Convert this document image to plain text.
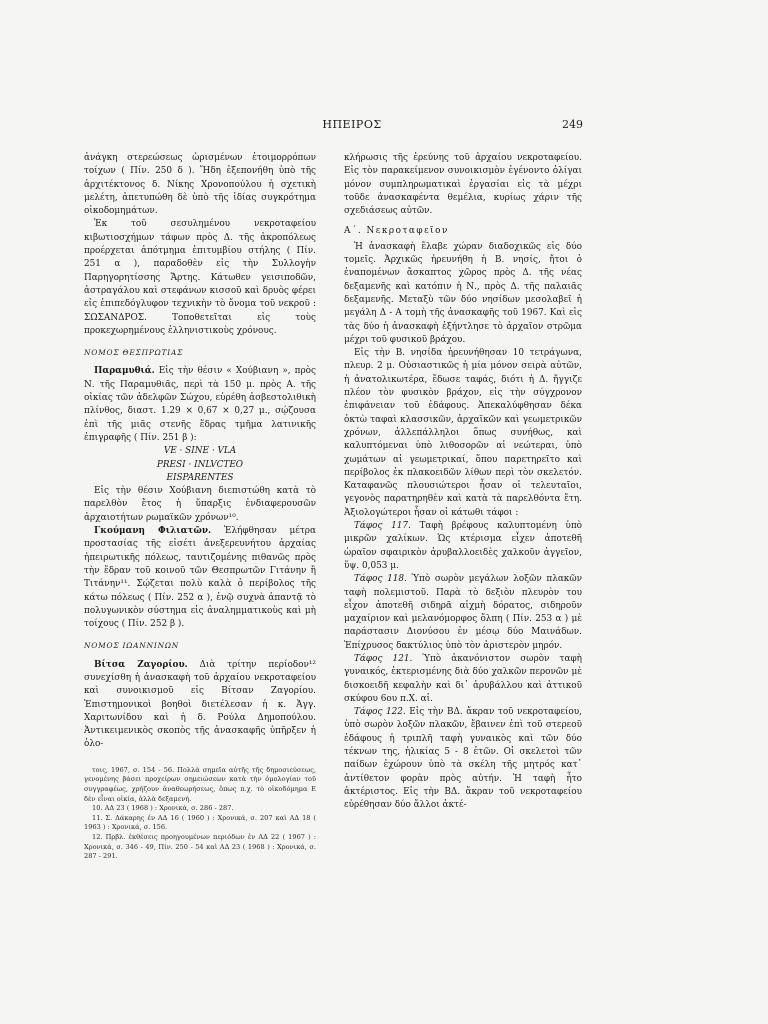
ΗΠΕΙΡΟΣ	249

ἀνάγκη στερεώσεως ὡρισμένων ἑτοιμορρόπων τοίχων ( Πίν. 250 δ ). Ἤδη ἐξεπονήθη ὑπὸ τῆς ἀρχιτέκτονος δ. Νίκης Χρονοπούλου ἡ σχετικὴ μελέτη, ἀπετυπώθη δὲ ὑπὸ τῆς ἰδίας συγκρότημα οἰκοδομημάτων.

Ἐκ τοῦ σεσυλημένου νεκροταφείου κιβωτιοσχήμων τάφων πρὸς Δ. τῆς ἀκροπόλεως προέρχεται ἀπότμημα ἐπιτυμβίου στήλης ( Πίν. 251 α ), παραδοθὲν εἰς τὴν Συλλογὴν Παρηγορητίσσης Ἄρτης. Κάτωθεν γεισιποδῶν, ἀστραγάλου καὶ στεφάνων κισσοῦ καὶ δρυὸς φέρει εἰς ἐπιπεδόγλυφον τεχνικὴν τὸ ὄνομα τοῦ νεκροῦ : ΣΩΣΑΝΔΡΟΣ. Τοποθετεῖται εἰς τοὺς προκεχωρημένους ἑλληνιστικοὺς χρόνους.

ΝΟΜΟΣ ΘΕΣΠΡΩΤΙΑΣ

Παραμυθιά. Εἰς τὴν θέσιν « Χούβιανη », πρὸς Ν. τῆς Παραμυθιᾶς, περὶ τὰ 150 μ. πρὸς Α. τῆς οἰκίας τῶν ἀδελφῶν Σώχου, εὑρέθη ἀσβεστολιθικὴ πλίνθος, διαστ. 1.29 × 0,67 × 0,27 μ., σῴζουσα ἐπὶ τῆς μιᾶς στενῆς ἕδρας τμῆμα λατινικῆς ἐπιγραφῆς ( Πίν. 251 β ):

VE · SINE · VLA

PRESI · INLVCTEO

EISPARENTES

Εἰς τὴν θέσιν Χούβιανη διεπιστώθη κατὰ τὸ παρελθὸν ἔτος ἡ ὕπαρξις ἐνδιαφερουσῶν ἀρχαιοτήτων ρωμαϊκῶν χρόνων¹⁰.

Γκούμανη Φιλιατῶν. Ἐλήφθησαν μέτρα προστασίας τῆς εἰσέτι ἀνεξερευνήτου ἀρχαίας ἠπειρωτικῆς πόλεως, ταυτιζομένης πιθανῶς πρὸς τὴν ἕδραν τοῦ κοινοῦ τῶν Θεσπρωτῶν Γιτάνην ἢ Τιτάνην¹¹. Σῴζεται πολὺ καλὰ ὁ περίβολος τῆς κάτω πόλεως ( Πίν. 252 α ), ἐνῷ συχνὰ ἀπαντᾷ τὸ πολυγωνικὸν σύστημα εἰς ἀναλημματικοὺς καὶ μὴ τοίχους ( Πίν. 252 β ).

ΝΟΜΟΣ ΙΩΑΝΝΙΝΩΝ

Βίτσα Ζαγορίου. Διὰ τρίτην περίοδον¹² συνεχίσθη ἡ ἀνασκαφὴ τοῦ ἀρχαίου νεκροταφείου καὶ συνοικισμοῦ εἰς Βίτσαν Ζαγορίου. Ἐπιστημονικοὶ βοηθοὶ διετέλεσαν ἡ κ. Ἀγγ. Χαριτωνίδου καὶ ἡ δ. Ρούλα Δημοπούλου. Ἀντικειμενικὸς σκοπὸς τῆς ἀνασκαφῆς ὑπῆρξεν ἡ ὁλο-

τοις, 1967, σ. 154 - 56. Πολλὰ σημεῖα αὐτῆς τῆς δημοσιεύσεως, γενομένης βάσει προχείρων σημειώσεων κατὰ τὴν ὁμολογίαν τοῦ συγγραφέως, χρήζουν ἀναθεωρήσεως, ὅπως π.χ. τὸ οἰκοδόμημα Ε δὲν εἶναι οἰκία, ἀλλὰ δεξαμενή.
10. ΑΔ 23 ( 1968 ) : Χρονικά, σ. 286 - 287.
11. Σ. Δάκαρης ἐν ΑΔ 16 ( 1960 ) : Χρονικά, σ. 207 καὶ ΑΔ 18 ( 1963 ) : Χρονικά, σ. 156.
12. Πρβλ. ἐκθέσεις προηγουμένων περιόδων ἐν ΑΔ 22 ( 1967 ) : Χρονικά, σ. 346 - 49, Πίν. 250 - 54 καὶ ΑΔ 23 ( 1968 ) : Χρονικά, σ. 287 - 291.

κλήρωσις τῆς ἐρεύνης τοῦ ἀρχαίου νεκροταφείου. Εἰς τὸν παρακείμενον συνοικισμὸν ἐγένοντο ὀλίγαι μόνον συμπληρωματικαὶ ἐργασίαι εἰς τὰ μέχρι τοῦδε ἀνασκαφέντα θεμέλια, κυρίως χάριν τῆς σχεδιάσεως αὐτῶν.

Α΄. Νεκροταφεῖον

Ἡ ἀνασκαφὴ ἔλαβε χώραν διαδοχικῶς εἰς δύο τομεῖς. Ἀρχικῶς ἠρευνήθη ἡ Β. νησίς, ἤτοι ὁ ἐναπομένων ἄσκαπτος χῶρος πρὸς Δ. τῆς νέας δεξαμενῆς καὶ κατόπιν ἡ Ν., πρὸς Δ. τῆς παλαιᾶς δεξαμενῆς. Μεταξὺ τῶν δύο νησίδων μεσολαβεῖ ἡ μεγάλη Δ - Α τομὴ τῆς ἀνασκαφῆς τοῦ 1967. Καὶ εἰς τὰς δύο ἡ ἀνασκαφὴ ἐξήντλησε τὸ ἀρχαῖον στρῶμα μέχρι τοῦ φυσικοῦ βράχου.

Εἰς τὴν Β. νησίδα ἠρευνήθησαν 10 τετράγωνα, πλευρ. 2 μ. Οὐσιαστικῶς ἡ μία μόνον σειρὰ αὐτῶν, ἡ ἀνατολικωτέρα, ἔδωσε ταφάς, διότι ἡ Δ. ἤγγιζε πλέον τὸν φυσικὸν βράχον, εἰς τὴν σύγχρονον ἐπιφάνειαν τοῦ ἐδάφους. Ἀπεκαλύφθησαν δέκα ὀκτὼ ταφαὶ κλασσικῶν, ἀρχαϊκῶν καὶ γεωμετρικῶν χρόνων, ἀλλεπάλληλοι ὅπως συνήθως, καὶ καλυπτόμεναι ὑπὸ λιθοσορῶν αἱ νεώτεραι, ὑπὸ χωμάτων αἱ γεωμετρικαί, ὅπου παρετηρεῖτο καὶ περίβολος ἐκ πλακοειδῶν λίθων περὶ τὸν σκελετόν. Καταφανῶς πλουσιώτεροι ἦσαν οἱ τελευταῖοι, γεγονὸς παρατηρηθὲν καὶ κατὰ τὰ παρελθόντα ἔτη. Ἀξιολογώτεροι ἦσαν οἱ κάτωθι τάφοι :

Τάφος 117. Ταφὴ βρέφους καλυπτομένη ὑπὸ μικρῶν χαλίκων. Ὡς κτέρισμα εἶχεν ἀποτεθῆ ὡραῖον σφαιρικὸν ἀρυβαλλοειδὲς χαλκοῦν ἀγγεῖον, ὕψ. 0,053 μ.

Τάφος 118. Ὑπὸ σωρὸν μεγάλων λοξῶν πλακῶν ταφὴ πολεμιστοῦ. Παρὰ τὸ δεξιὸν πλευρὸν του εἶχον ἀποτεθῆ σιδηρᾶ αἰχμὴ δόρατος, σιδηροῦν μαχαίριον καὶ μελανόμορφος ὄλπη ( Πίν. 253 α ) μὲ παράστασιν Διονύσου ἐν μέσῳ δύο Μαινάδων. Ἐπίχρυσος δακτύλιος ὑπὸ τὸν ἀριστερὸν μηρόν.

Τάφος 121. Ὑπὸ ἀκανόνιστον σωρὸν ταφὴ γυναικός, ἐκτερισμένης διὰ δύο χαλκῶν περονῶν μὲ δισκοειδῆ κεφαλὴν καὶ δι᾿ ἀρυβάλλου καὶ ἀττικοῦ σκύφου 6ου π.Χ. αἰ.

Τάφος 122. Εἰς τὴν ΒΔ. ἄκραν τοῦ νεκροταφείου, ὑπὸ σωρὸν λοξῶν πλακῶν, ἔβαινεν ἐπὶ τοῦ στερεοῦ ἐδάφους ἡ τριπλῆ ταφὴ γυναικὸς καὶ τῶν δύο τέκνων της, ἡλικίας 5 - 8 ἐτῶν. Οἱ σκελετοὶ τῶν παίδων ἐχώρουν ὑπὸ τὰ σκέλη τῆς μητρός κατ᾿ ἀντίθετον φορὰν πρὸς αὐτήν. Ἡ ταφὴ ἦτο ἀκτέριστος. Εἰς τὴν ΒΔ. ἄκραν τοῦ νεκροταφείου εὑρέθησαν δύο ἄλλοι ἀκτέ-
